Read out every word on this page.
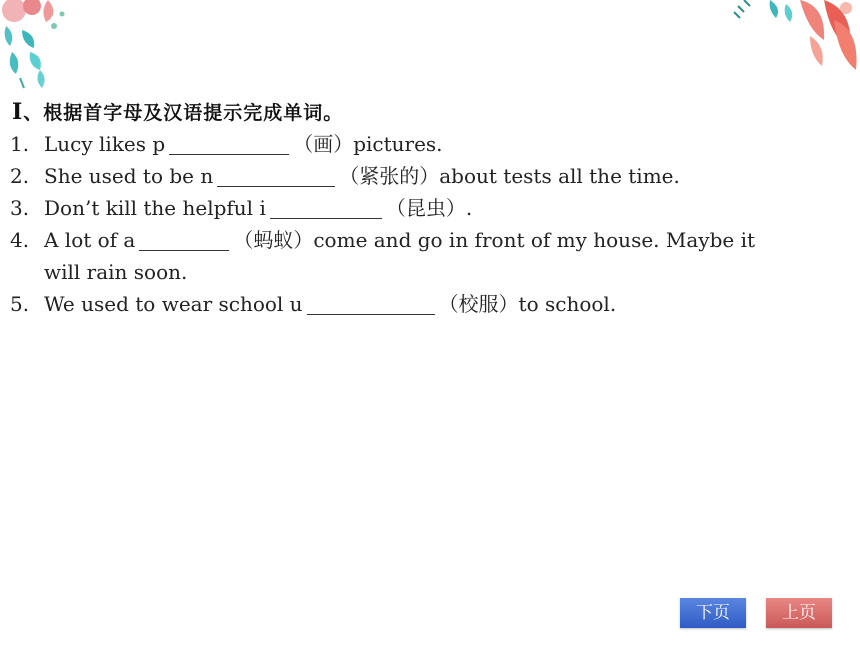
I、根据首字母及汉语提示完成单词。
1. Lucy likes p	（画）pictures.
2. She used to be n	（紧张的）about tests all the time.
3. Don’t kill the helpful i	（昆虫）.
4. A lot of a	（蚂蚁）come and go in front of my house. Maybe it
will rain soon.
5. We used to wear school u	（校服）to school.
下页	上页
